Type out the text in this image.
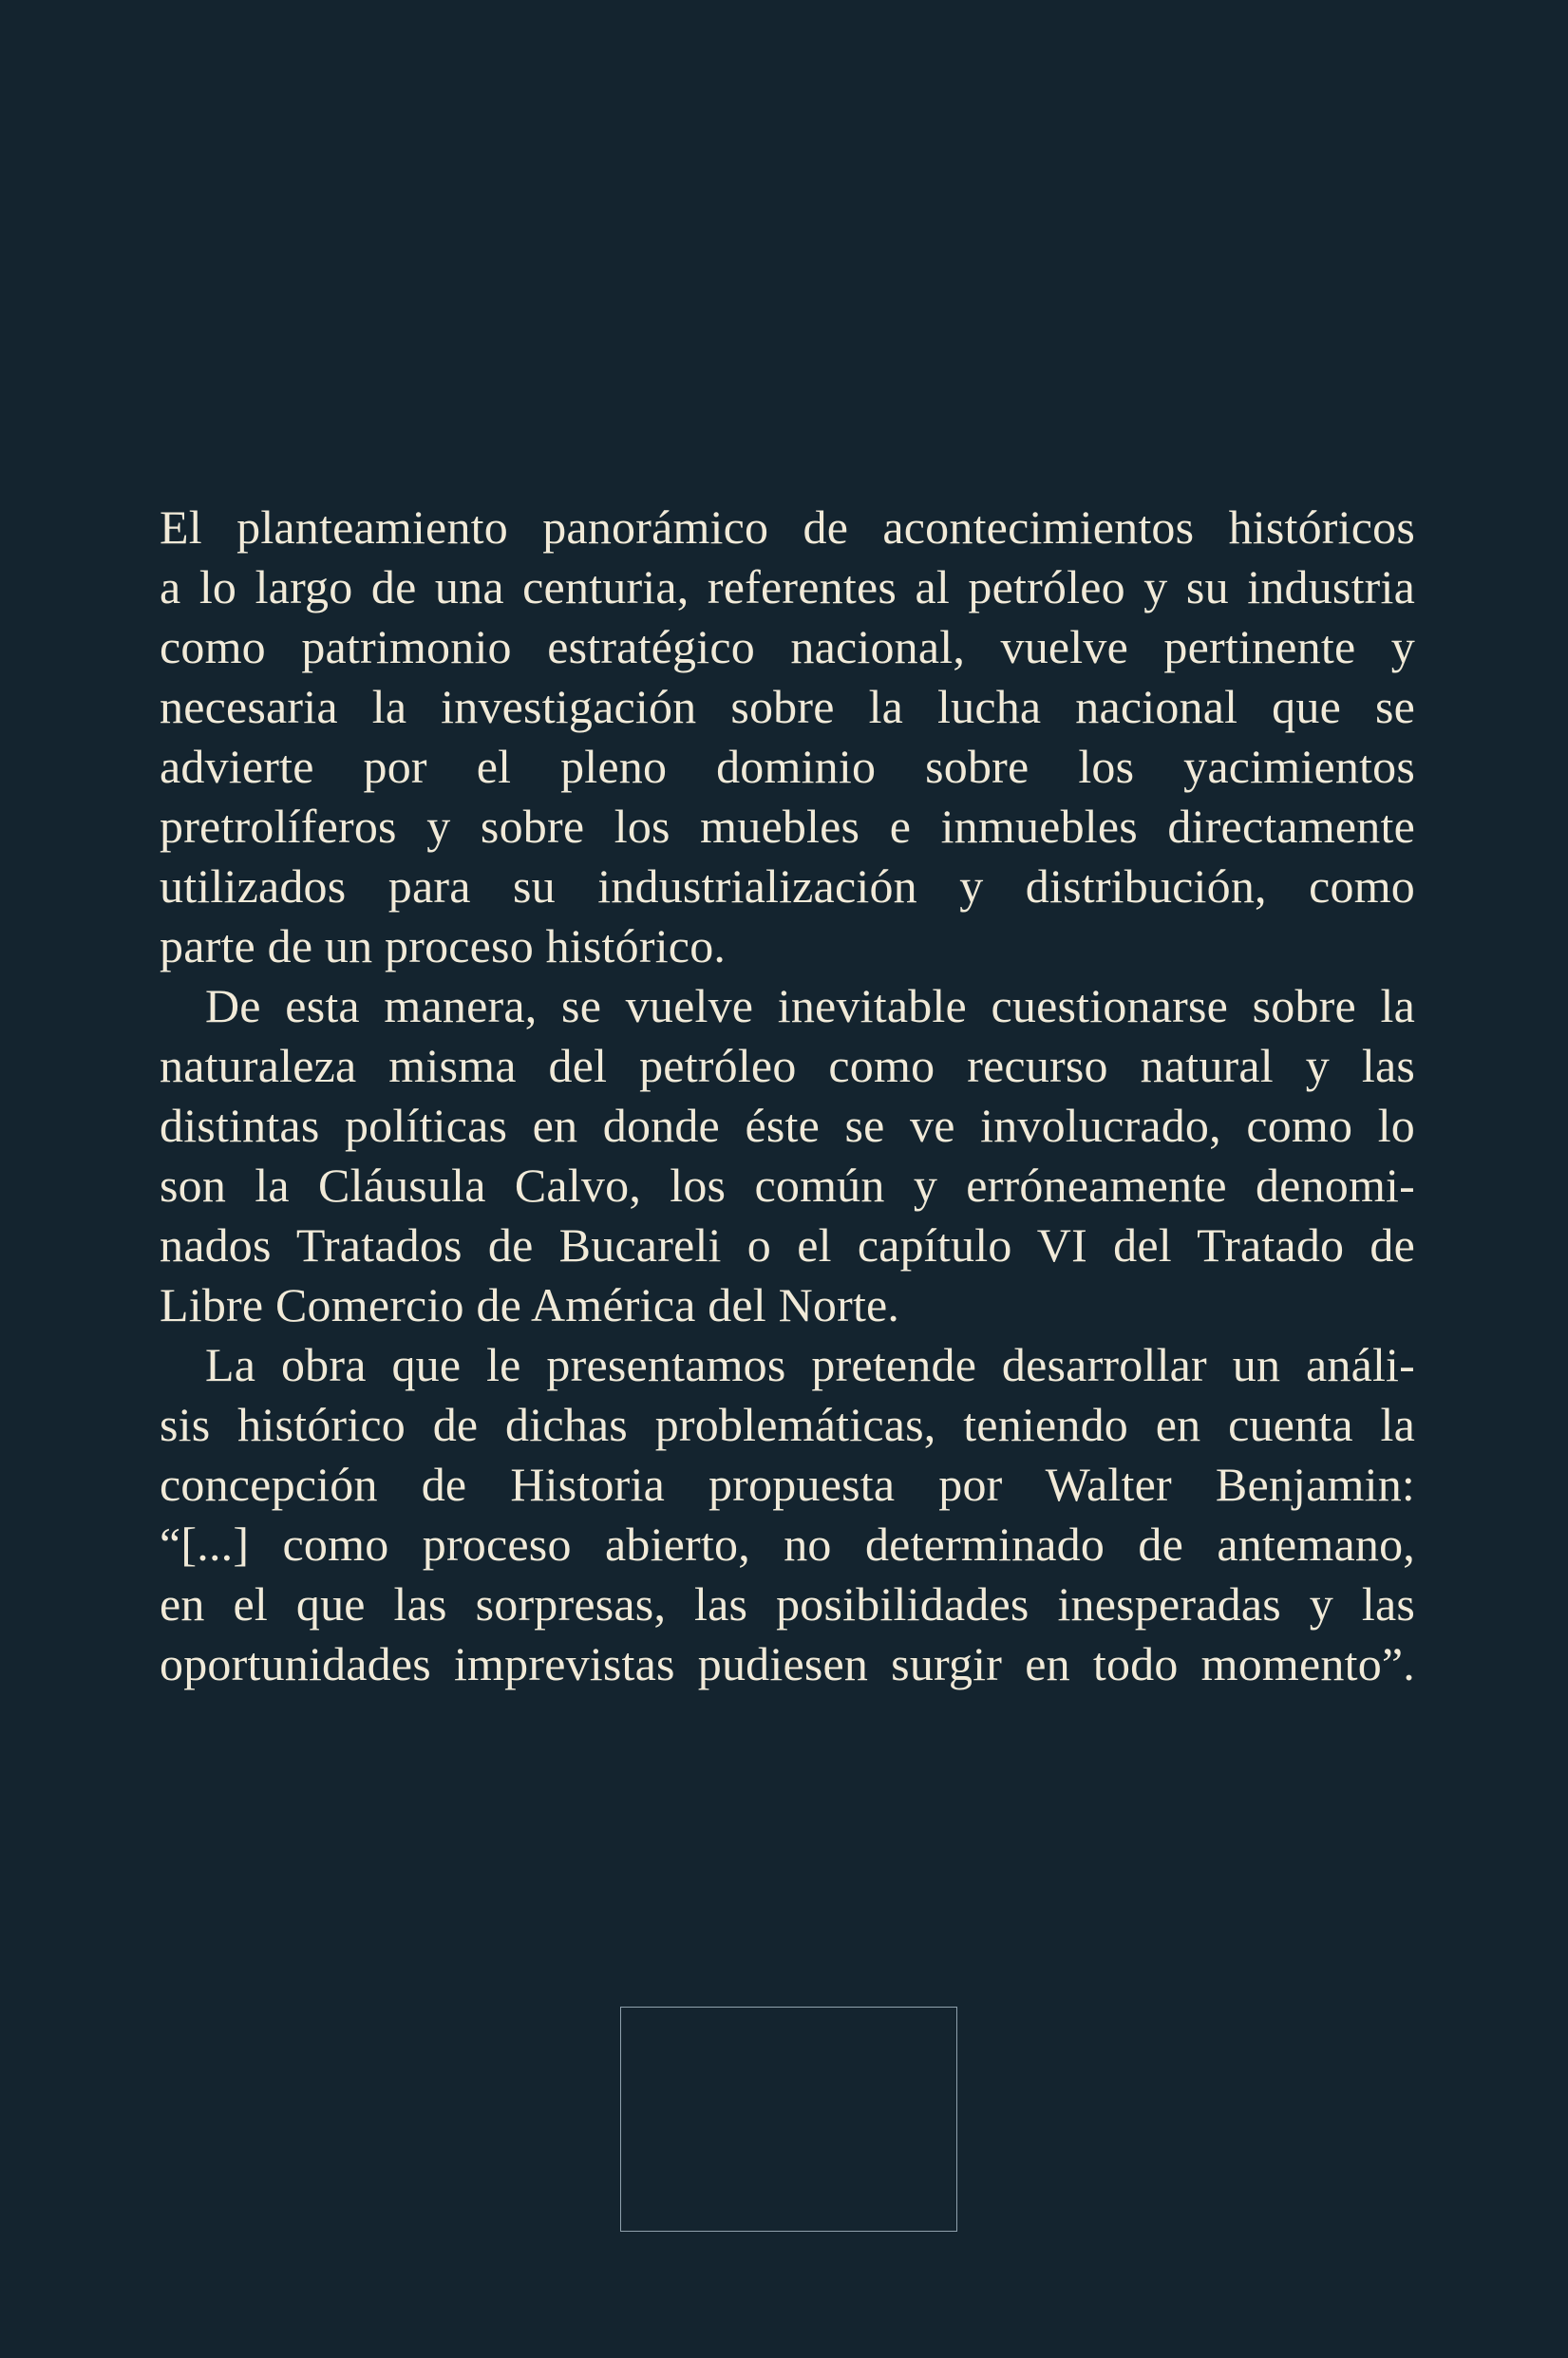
El planteamiento panorámico de acontecimientos históricos
a lo largo de una centuria, referentes al petróleo y su industria
como patrimonio estratégico nacional, vuelve pertinente y
necesaria la investigación sobre la lucha nacional que se
advierte por el pleno dominio sobre los yacimientos
pretrolíferos y sobre los muebles e inmuebles directamente
utilizados para su industrialización y distribución, como
parte de un proceso histórico.
De esta manera, se vuelve inevitable cuestionarse sobre la
naturaleza misma del petróleo como recurso natural y las
distintas políticas en donde éste se ve involucrado, como lo
son la Cláusula Calvo, los común y erróneamente denomi-
nados Tratados de Bucareli o el capítulo VI del Tratado de
Libre Comercio de América del Norte.
La obra que le presentamos pretende desarrollar un análi-
sis histórico de dichas problemáticas, teniendo en cuenta la
concepción de Historia propuesta por Walter Benjamin:
“[...] como proceso abierto, no determinado de antemano,
en el que las sorpresas, las posibilidades inesperadas y las
oportunidades imprevistas pudiesen surgir en todo momento”.
